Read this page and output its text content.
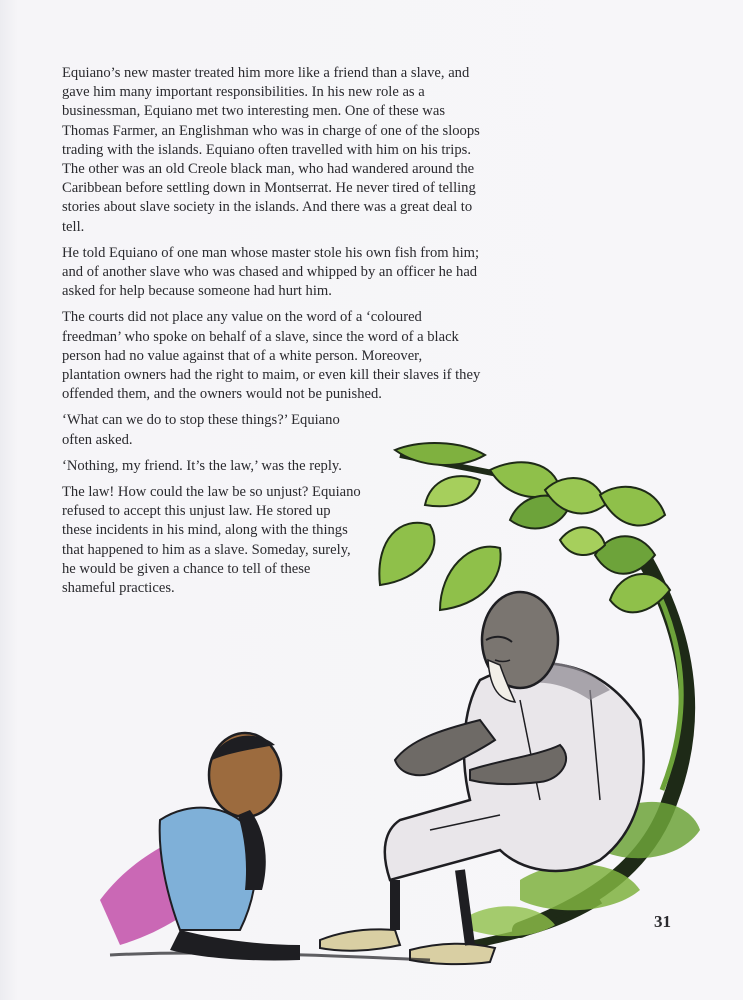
Equiano’s new master treated him more like a friend than a slave, and gave him many important responsibilities. In his new role as a businessman, Equiano met two interesting men. One of these was Thomas Farmer, an Englishman who was in charge of one of the sloops trading with the islands. Equiano often travelled with him on his trips. The other was an old Creole black man, who had wandered around the Caribbean before settling down in Montserrat. He never tired of telling stories about slave society in the islands. And there was a great deal to tell.

He told Equiano of one man whose master stole his own fish from him; and of another slave who was chased and whipped by an officer he had asked for help because someone had hurt him.

The courts did not place any value on the word of a ‘coloured freedman’ who spoke on behalf of a slave, since the word of a black person had no value against that of a white person. Moreover, plantation owners had the right to maim, or even kill their slaves if they offended them, and the owners would not be punished.

‘What can we do to stop these things?’ Equiano often asked.

‘Nothing, my friend. It’s the law,’ was the reply.

The law! How could the law be so unjust? Equiano refused to accept this unjust law. He stored up these incidents in his mind, along with the things that happened to him as a slave. Someday, surely, he would be given a chance to tell of these shameful practices.

31
